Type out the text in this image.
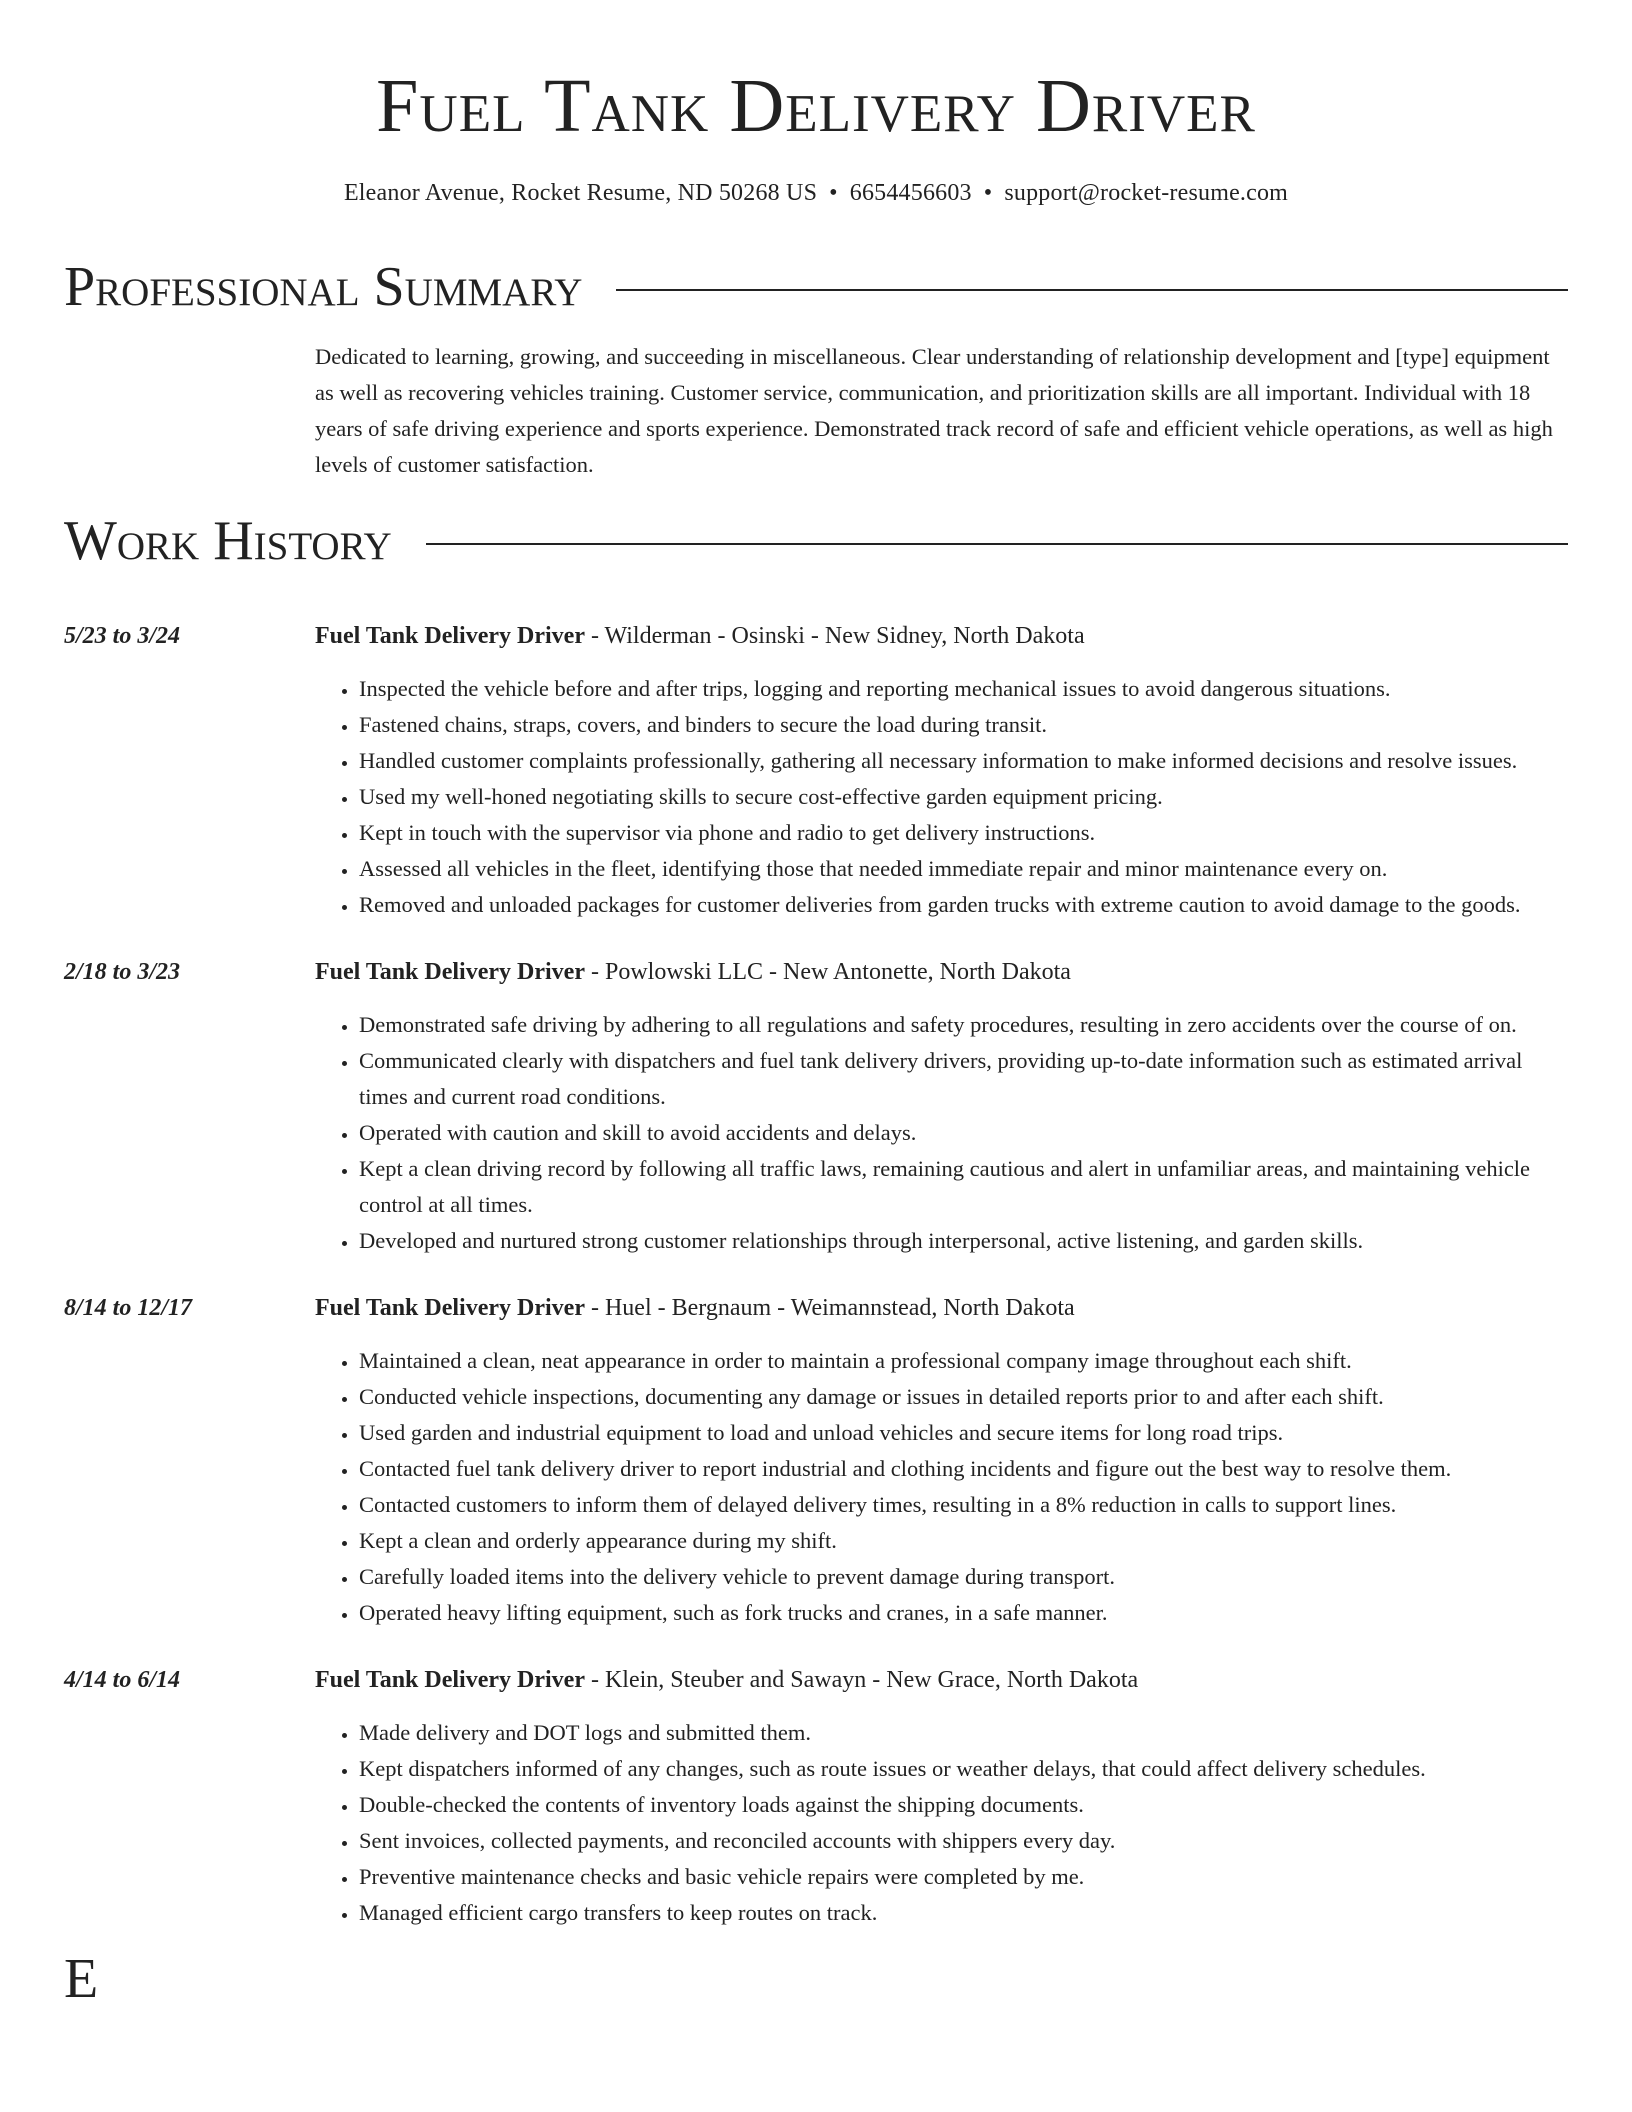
Fuel Tank Delivery Driver
Eleanor Avenue, Rocket Resume, ND 50268 US • 6654456603 • support@rocket-resume.com
Professional Summary

Dedicated to learning, growing, and succeeding in miscellaneous. Clear understanding of relationship development and [type] equipment as well as recovering vehicles training. Customer service, communication, and prioritization skills are all important. Individual with 18 years of safe driving experience and sports experience. Demonstrated track record of safe and efficient vehicle operations, as well as high levels of customer satisfaction.

Work History
5/23 to 3/24	Fuel Tank Delivery Driver - Wilderman - Osinski - New Sidney, North Dakota
• Inspected the vehicle before and after trips, logging and reporting mechanical issues to avoid dangerous situations.
• Fastened chains, straps, covers, and binders to secure the load during transit.
• Handled customer complaints professionally, gathering all necessary information to make informed decisions and resolve issues.
• Used my well-honed negotiating skills to secure cost-effective garden equipment pricing.
• Kept in touch with the supervisor via phone and radio to get delivery instructions.
• Assessed all vehicles in the fleet, identifying those that needed immediate repair and minor maintenance every on.
• Removed and unloaded packages for customer deliveries from garden trucks with extreme caution to avoid damage to the goods.
2/18 to 3/23	Fuel Tank Delivery Driver - Powlowski LLC - New Antonette, North Dakota
• Demonstrated safe driving by adhering to all regulations and safety procedures, resulting in zero accidents over the course of on.
• Communicated clearly with dispatchers and fuel tank delivery drivers, providing up-to-date information such as estimated arrival times and current road conditions.
• Operated with caution and skill to avoid accidents and delays.
• Kept a clean driving record by following all traffic laws, remaining cautious and alert in unfamiliar areas, and maintaining vehicle control at all times.
• Developed and nurtured strong customer relationships through interpersonal, active listening, and garden skills.
8/14 to 12/17	Fuel Tank Delivery Driver - Huel - Bergnaum - Weimannstead, North Dakota
• Maintained a clean, neat appearance in order to maintain a professional company image throughout each shift.
• Conducted vehicle inspections, documenting any damage or issues in detailed reports prior to and after each shift.
• Used garden and industrial equipment to load and unload vehicles and secure items for long road trips.
• Contacted fuel tank delivery driver to report industrial and clothing incidents and figure out the best way to resolve them.
• Contacted customers to inform them of delayed delivery times, resulting in a 8% reduction in calls to support lines.
• Kept a clean and orderly appearance during my shift.
• Carefully loaded items into the delivery vehicle to prevent damage during transport.
• Operated heavy lifting equipment, such as fork trucks and cranes, in a safe manner.
4/14 to 6/14	Fuel Tank Delivery Driver - Klein, Steuber and Sawayn - New Grace, North Dakota
• Made delivery and DOT logs and submitted them.
• Kept dispatchers informed of any changes, such as route issues or weather delays, that could affect delivery schedules.
• Double-checked the contents of inventory loads against the shipping documents.
• Sent invoices, collected payments, and reconciled accounts with shippers every day.
• Preventive maintenance checks and basic vehicle repairs were completed by me.
• Managed efficient cargo transfers to keep routes on track.
E
